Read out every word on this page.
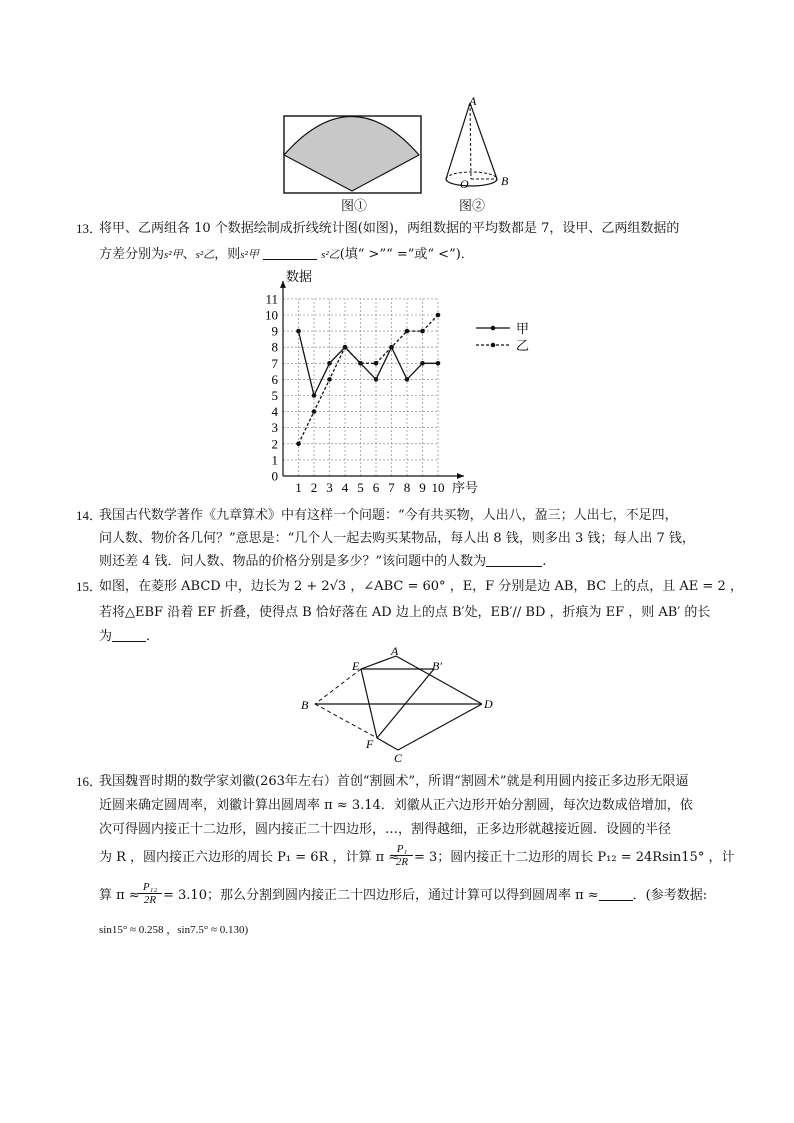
图①
A
O	B
图②
13．
将甲、乙两组各 10 个数据绘制成折线统计图(如图)，两组数据的平均数都是 7，设甲、乙两组数据的
方差分别为s²甲、s²乙，则s²甲	s²乙(填“ >”“ =”或“ <”)．
0
1
2
3
4
5
6
7
8
9
10
11
1 2 3 4 5 6 7 8 9 10
甲
乙
数据
序号
14．
我国古代数学著作《九章算术》中有这样一个问题：“今有共买物，人出八，盈三；人出七，不足四，
问人数、物价各几何？”意思是：“几个人一起去购买某物品，每人出 8 钱，则多出 3 钱；每人出 7 钱，
则还差 4 钱．问人数、物品的价格分别是多少？”该问题中的人数为	.
15．
如图，在菱形 ABCD 中，边长为 2 + 2√3 ，∠ABC = 60° ，E，F 分别是边 AB，BC 上的点，且 AE = 2 ，
若将△EBF 沿着 EF 折叠，使得点 B 恰好落在 AD 边上的点 B′处，EB′// BD ，折痕为 EF ，则 AB′ 的长
为	．
A
B
C
D
E
F
B′
16．
我国魏晋时期的数学家刘徽(263年左右）首创“割圆术”，所谓“割圆术”就是利用圆内接正多边形无限逼
近圆来确定圆周率，刘徽计算出圆周率 π ≈ 3.14．刘徽从正六边形开始分割圆，每次边数成倍增加，依
次可得圆内接正十二边形，圆内接正二十四边形，…，割得越细，正多边形就越接近圆．设圆的半径
为 R ，圆内接正六边形的周长 P₁ = 6R ，计算 π ≈
$\frac{\text{P₁}}{2R} = 3$；圆内接正十二边形的周长 P₁₂ = 24Rsin15° ，计
算 π ≈
$\frac{\text{P₁₂}}{2R} = 3.10$；那么分割到圆内接正二十四边形后，通过计算可以得到圆周率 π ≈	．(参考数据:
sin15° ≈ 0.258 ，sin7.5° ≈ 0.130)
